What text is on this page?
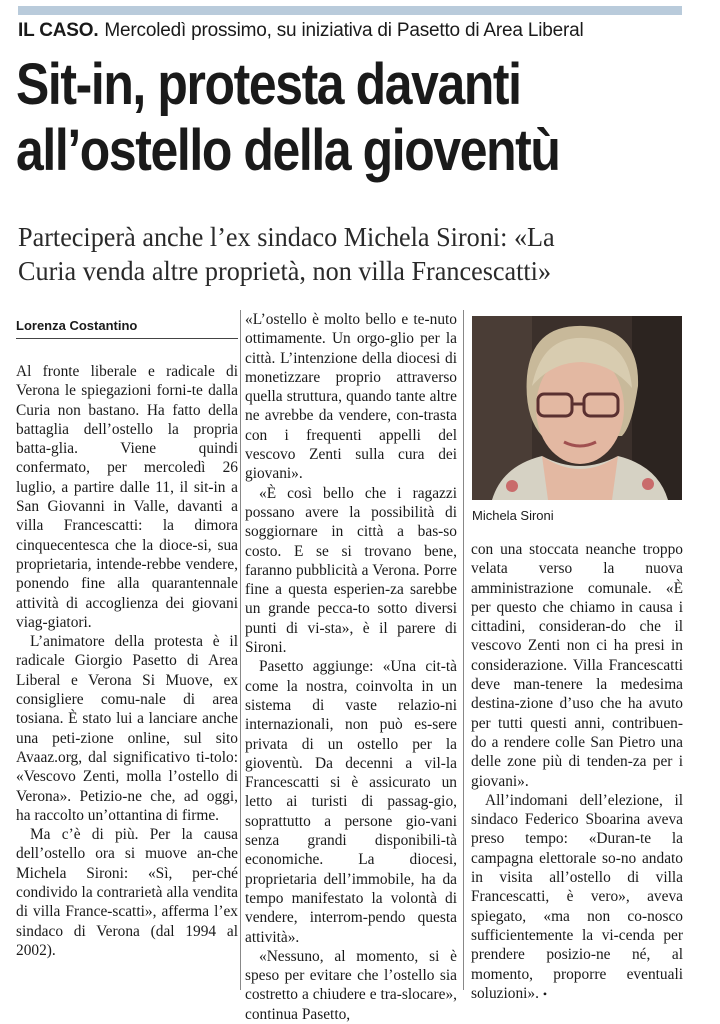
IL CASO. Mercoledì prossimo, su iniziativa di Pasetto di Area Liberal
Sit-in, protesta davanti
all’ostello della gioventù
Parteciperà anche l’ex sindaco Michela Sironi: «La
Curia venda altre proprietà, non villa Francescatti»
Lorenza Costantino

Al fronte liberale e radicale di Verona le spiegazioni forni-te dalla Curia non bastano. Ha fatto della battaglia dell’ostello la propria batta-glia. Viene quindi confermato, per mercoledì 26 luglio, a partire dalle 11, il sit-in a San Giovanni in Valle, davanti a villa Francescatti: la dimora cinquecentesca che la dioce-si, sua proprietaria, intende-rebbe vendere, ponendo fine alla quarantennale attività di accoglienza dei giovani viag-giatori.

L’animatore della protesta è il radicale Giorgio Pasetto di Area Liberal e Verona Si Muove, ex consigliere comu-nale di area tosiana. È stato lui a lanciare anche una peti-zione online, sul sito Avaaz.org, dal significativo ti-tolo: «Vescovo Zenti, molla l’ostello di Verona». Petizio-ne che, ad oggi, ha raccolto un’ottantina di firme.

Ma c’è di più. Per la causa dell’ostello ora si muove an-che Michela Sironi: «Sì, per-ché condivido la contrarietà alla vendita di villa France-scatti», afferma l’ex sindaco di Verona (dal 1994 al 2002).

«L’ostello è molto bello e te-nuto ottimamente. Un orgo-glio per la città. L’intenzione della diocesi di monetizzare proprio attraverso quella struttura, quando tante altre ne avrebbe da vendere, con-trasta con i frequenti appelli del vescovo Zenti sulla cura dei giovani».

«È così bello che i ragazzi possano avere la possibilità di soggiornare in città a bas-so costo. E se si trovano bene, faranno pubblicità a Verona. Porre fine a questa esperien-za sarebbe un grande pecca-to sotto diversi punti di vi-sta», è il parere di Sironi.

Pasetto aggiunge: «Una cit-tà come la nostra, coinvolta in un sistema di vaste relazio-ni internazionali, non può es-sere privata di un ostello per la gioventù. Da decenni a vil-la Francescatti si è assicurato un letto ai turisti di passag-gio, soprattutto a persone gio-vani senza grandi disponibili-tà economiche. La diocesi, proprietaria dell’immobile, ha da tempo manifestato la volontà di vendere, interrom-pendo questa attività».

«Nessuno, al momento, si è speso per evitare che l’ostello sia costretto a chiudere e tra-slocare», continua Pasetto,

Michela Sironi

con una stoccata neanche troppo velata verso la nuova amministrazione comunale. «È per questo che chiamo in causa i cittadini, consideran-do che il vescovo Zenti non ci ha presi in considerazione. Villa Francescatti deve man-tenere la medesima destina-zione d’uso che ha avuto per tutti questi anni, contribuen-do a rendere colle San Pietro una delle zone più di tenden-za per i giovani».

All’indomani dell’elezione, il sindaco Federico Sboarina aveva preso tempo: «Duran-te la campagna elettorale so-no andato in visita all’ostello di villa Francescatti, è vero», aveva spiegato, «ma non co-nosco sufficientemente la vi-cenda per prendere posizio-ne né, al momento, proporre eventuali soluzioni». •
